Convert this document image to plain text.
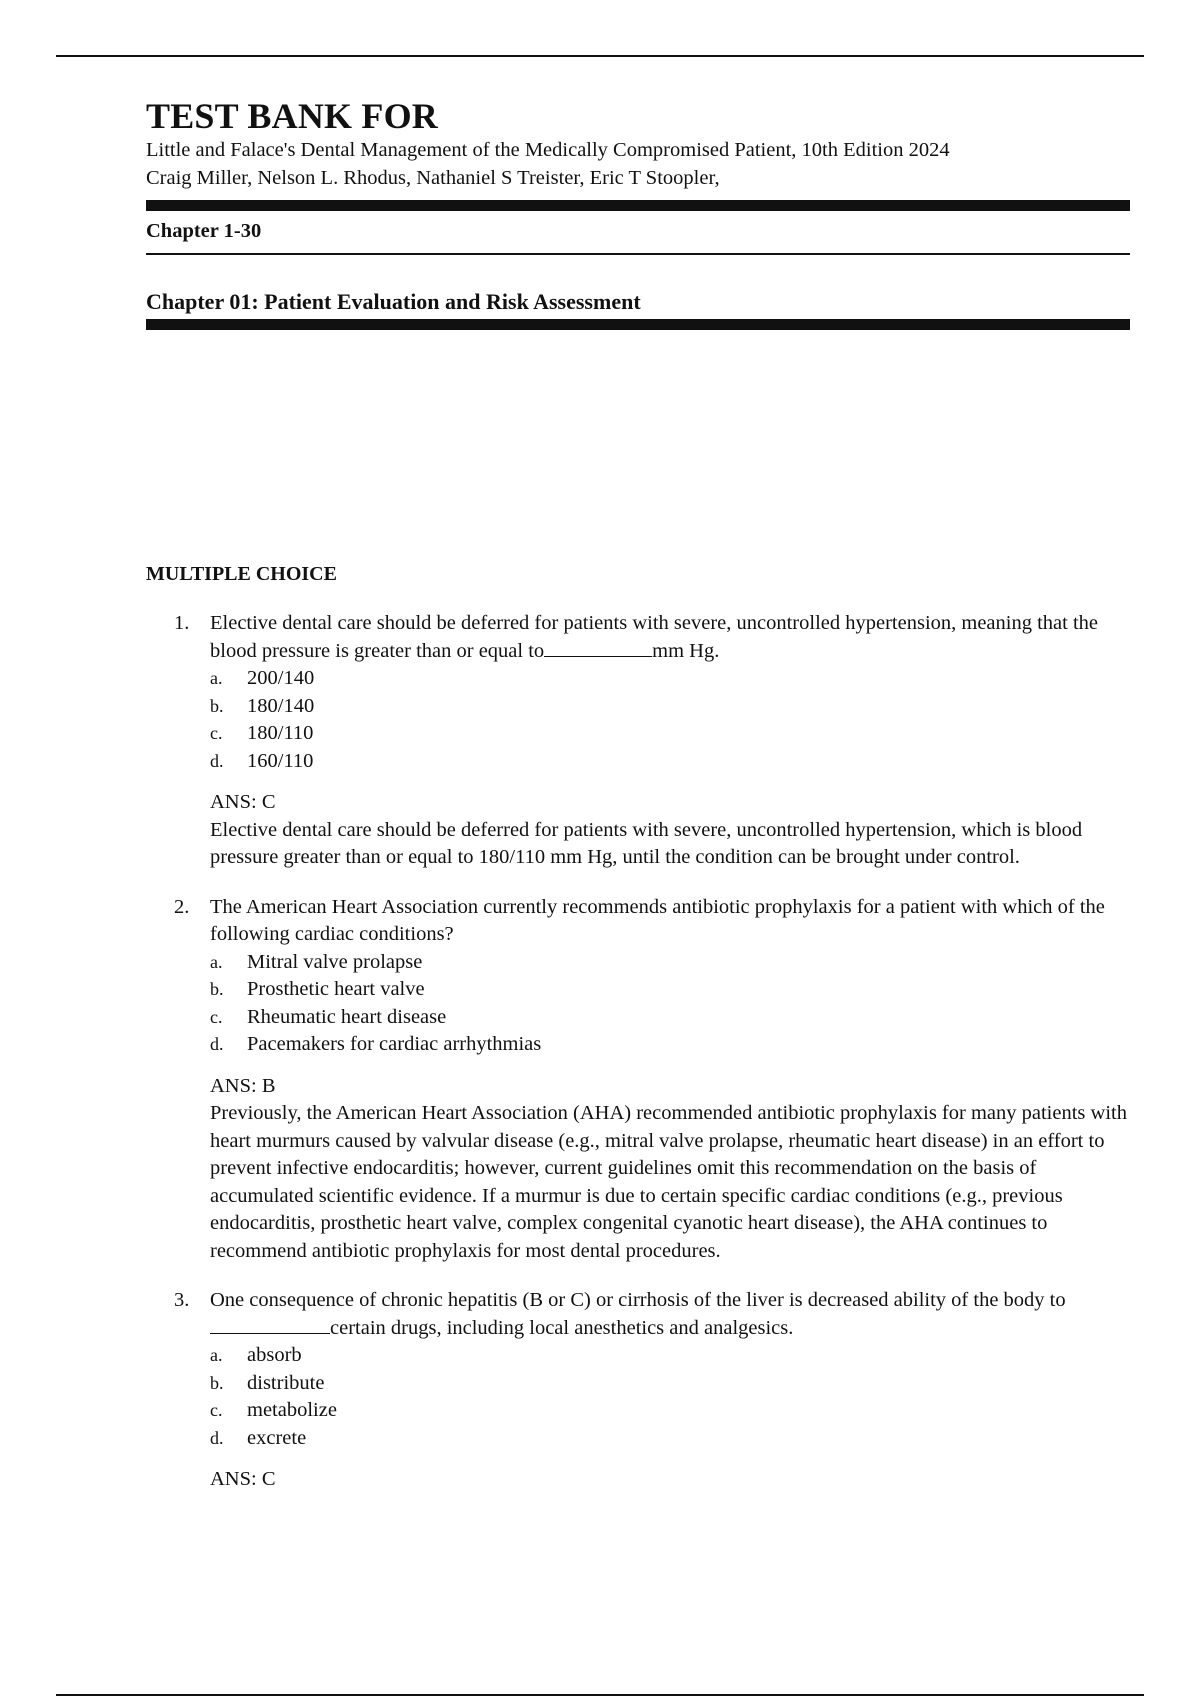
TEST BANK FOR

Little and Falace's Dental Management of the Medically Compromised Patient, 10th Edition 2024

Craig Miller, Nelson L. Rhodus, Nathaniel S Treister, Eric T Stoopler,

Chapter 1-30
Chapter 01: Patient Evaluation and Risk Assessment
MULTIPLE CHOICE
1. Elective dental care should be deferred for patients with severe, uncontrolled hypertension, meaning that the blood pressure is greater than or equal to	mm Hg.
a. 200/140
b. 180/140
c. 180/110
d. 160/110
ANS: C
Elective dental care should be deferred for patients with severe, uncontrolled hypertension, which is blood pressure greater than or equal to 180/110 mm Hg, until the condition can be brought under control.
2. The American Heart Association currently recommends antibiotic prophylaxis for a patient with which of the following cardiac conditions?
a. Mitral valve prolapse
b. Prosthetic heart valve
c. Rheumatic heart disease
d. Pacemakers for cardiac arrhythmias
ANS: B
Previously, the American Heart Association (AHA) recommended antibiotic prophylaxis for many patients with heart murmurs caused by valvular disease (e.g., mitral valve prolapse, rheumatic heart disease) in an effort to prevent infective endocarditis; however, current guidelines omit this recommendation on the basis of accumulated scientific evidence. If a murmur is due to certain specific cardiac conditions (e.g., previous endocarditis, prosthetic heart valve, complex congenital cyanotic heart disease), the AHA continues to recommend antibiotic prophylaxis for most dental procedures.
3. One consequence of chronic hepatitis (B or C) or cirrhosis of the liver is decreased ability of the body tocertain drugs, including local anesthetics and analgesics.
a. absorb
b. distribute
c. metabolize
d. excrete
ANS: C
